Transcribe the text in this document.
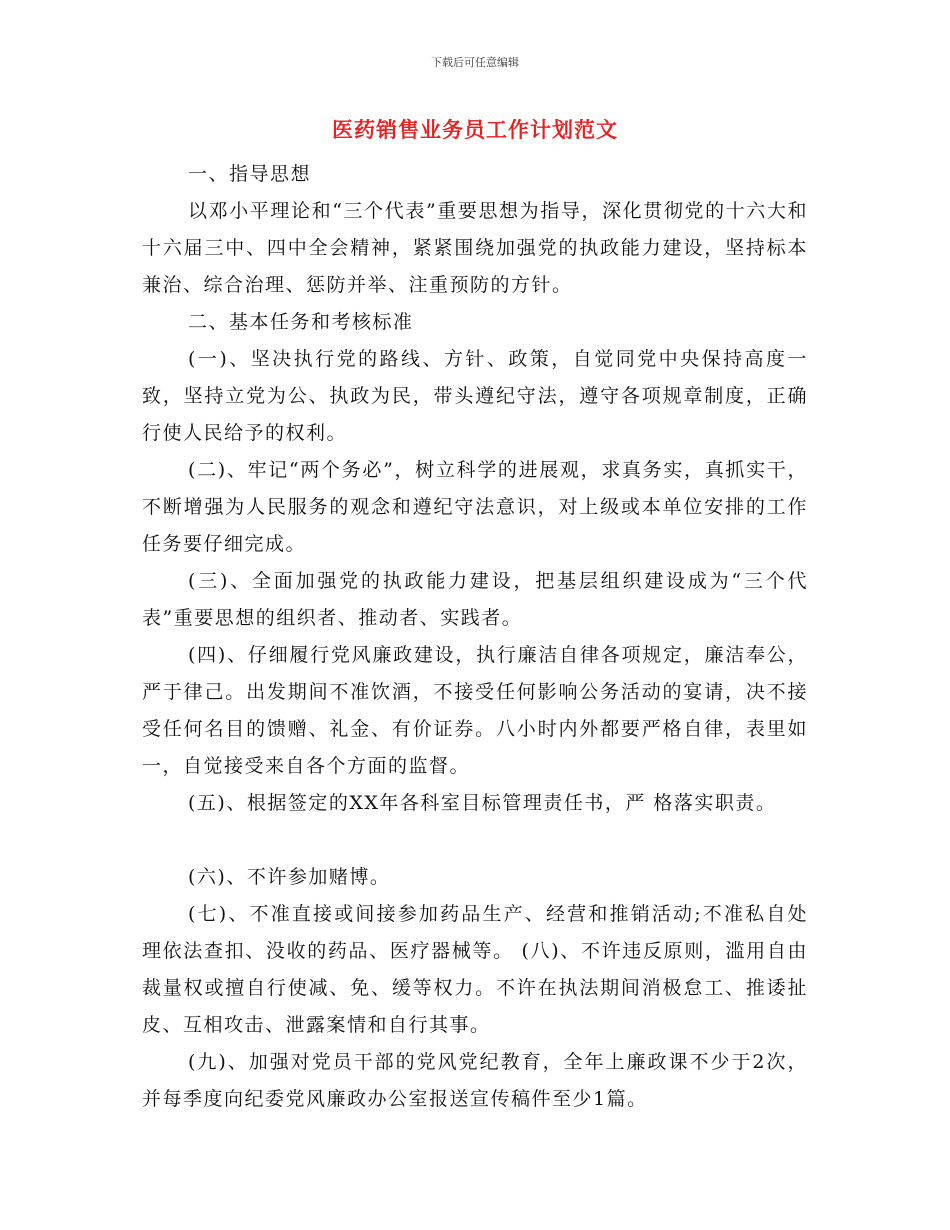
下载后可任意编辑
医药销售业务员工作计划范文

一、指导思想

以邓小平理论和“三个代表”重要思想为指导，深化贯彻党的十六大和十六届三中、四中全会精神，紧紧围绕加强党的执政能力建设，坚持标本兼治、综合治理、惩防并举、注重预防的方针。

二、基本任务和考核标准

(一)、坚决执行党的路线、方针、政策，自觉同党中央保持高度一致，坚持立党为公、执政为民，带头遵纪守法，遵守各项规章制度，正确行使人民给予的权利。

(二)、牢记“两个务必”，树立科学的进展观，求真务实，真抓实干，不断增强为人民服务的观念和遵纪守法意识，对上级或本单位安排的工作任务要仔细完成。

(三)、全面加强党的执政能力建设，把基层组织建设成为“三个代表”重要思想的组织者、推动者、实践者。

(四)、仔细履行党风廉政建设，执行廉洁自律各项规定，廉洁奉公，严于律己。出发期间不准饮酒，不接受任何影响公务活动的宴请，决不接受任何名目的馈赠、礼金、有价证券。八小时内外都要严格自律，表里如一，自觉接受来自各个方面的监督。

(五)、根据签定的XX年各科室目标管理责任书，严 格落实职责。

(六)、不许参加赌博。

(七)、不准直接或间接参加药品生产、经营和推销活动;不准私自处理依法查扣、没收的药品、医疗器械等。 (八)、不许违反原则，滥用自由裁量权或擅自行使减、免、缓等权力。不许在执法期间消极怠工、推诿扯皮、互相攻击、泄露案情和自行其事。

(九)、加强对党员干部的党风党纪教育，全年上廉政课不少于2次，并每季度向纪委党风廉政办公室报送宣传稿件至少1篇。
